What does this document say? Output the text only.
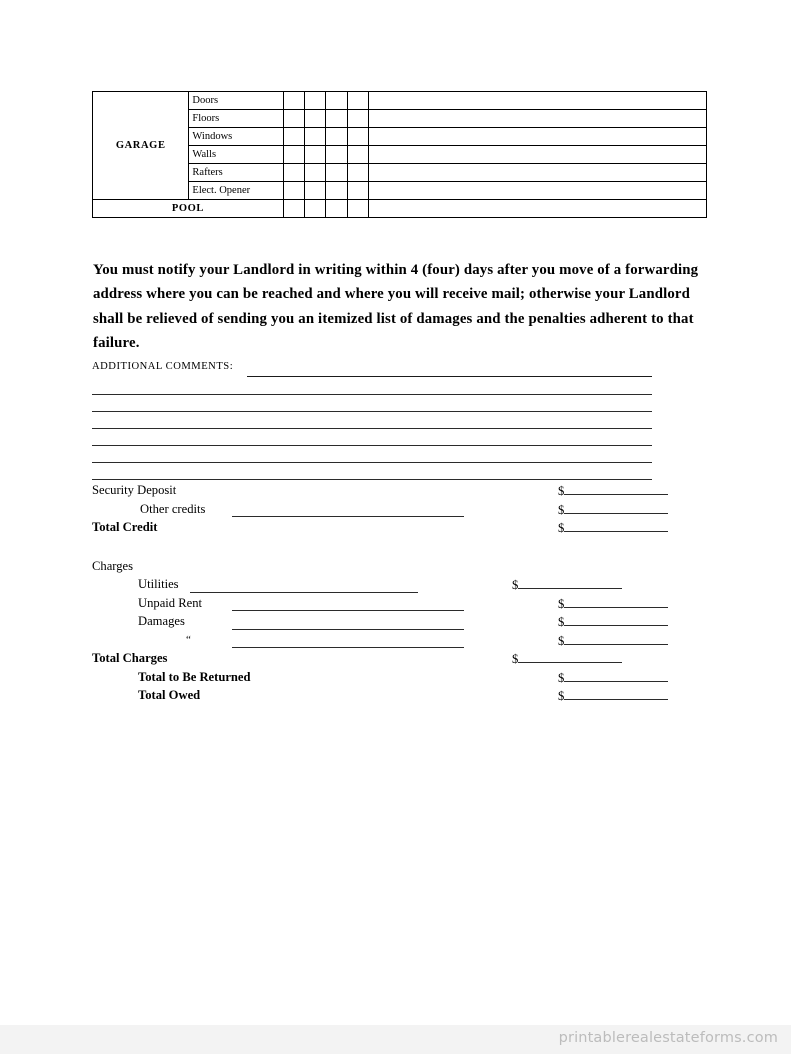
GARAGE	Doors					
	Floors					
	Windows					
	Walls					
	Rafters					
	Elect. Opener					
POOL						

You must notify your Landlord in writing within 4 (four) days after you move of a forwarding address where you can be reached and where you will receive mail; otherwise your Landlord shall be relieved of sending you an itemized list of damages and the penalties adherent to that failure.

ADDITIONAL COMMENTS:
Security Deposit	$
Other credits	$
Total Credit	$
Charges
Utilities	$
Unpaid Rent	$
Damages	$
“	$
Total Charges	$
Total to Be Returned	$
Total Owed	$
printablerealestateforms.com
